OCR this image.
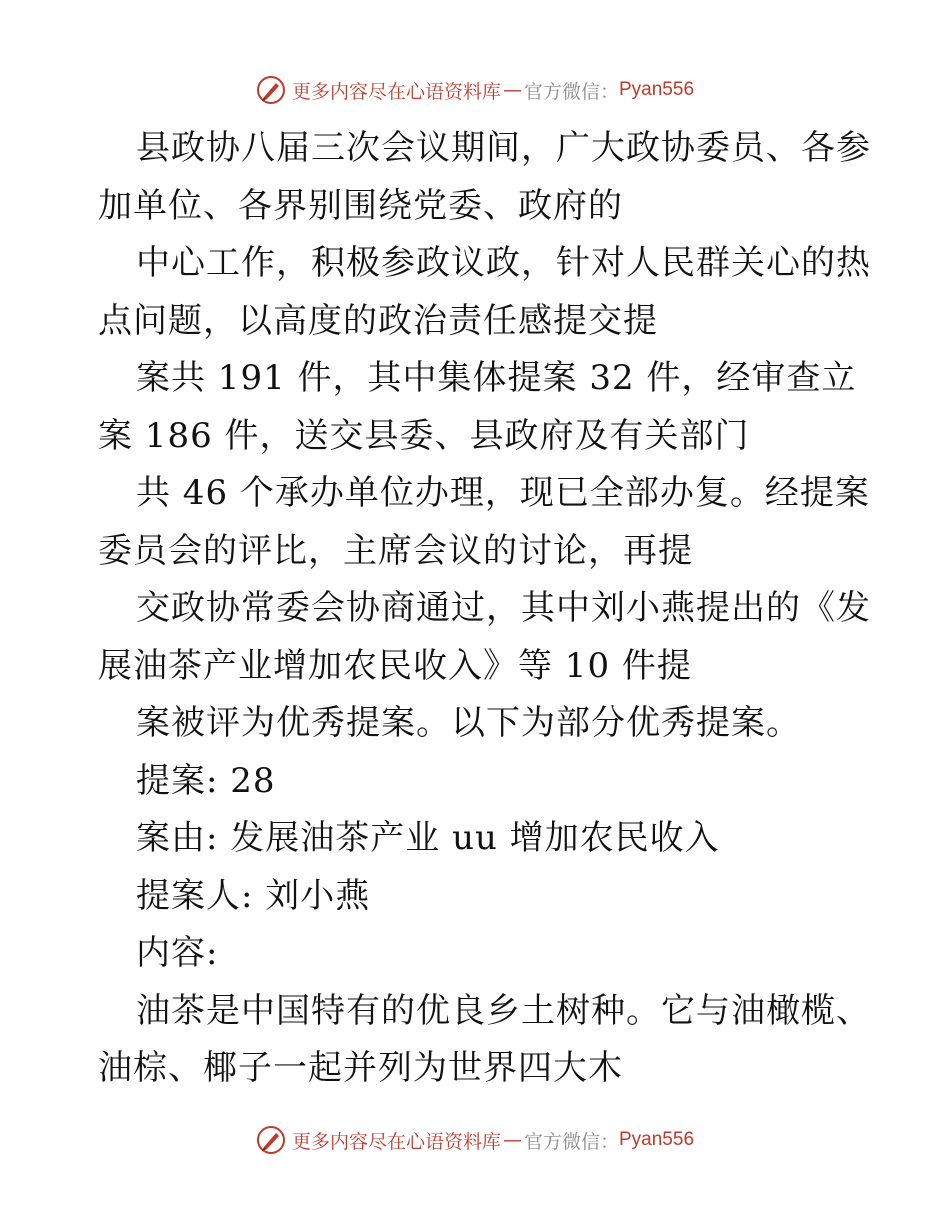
更多内容尽在心语资料库 — 官方微信： Pyan556
县政协八届三次会议期间，广大政协委员、各参
加单位、各界别围绕党委、政府的
中心工作，积极参政议政，针对人民群关心的热
点问题，以高度的政治责任感提交提
案共 191 件，其中集体提案 32 件，经审查立
案 186 件，送交县委、县政府及有关部门
共 46 个承办单位办理，现已全部办复。经提案
委员会的评比，主席会议的讨论，再提
交政协常委会协商通过，其中刘小燕提出的《发
展油茶产业增加农民收入》等 10 件提
案被评为优秀提案。以下为部分优秀提案。
提案: 28
案由: 发展油茶产业 uu 增加农民收入
提案人: 刘小燕
内容:
油茶是中国特有的优良乡土树种。它与油橄榄、
油棕、椰子一起并列为世界四大木
更多内容尽在心语资料库 — 官方微信： Pyan556
